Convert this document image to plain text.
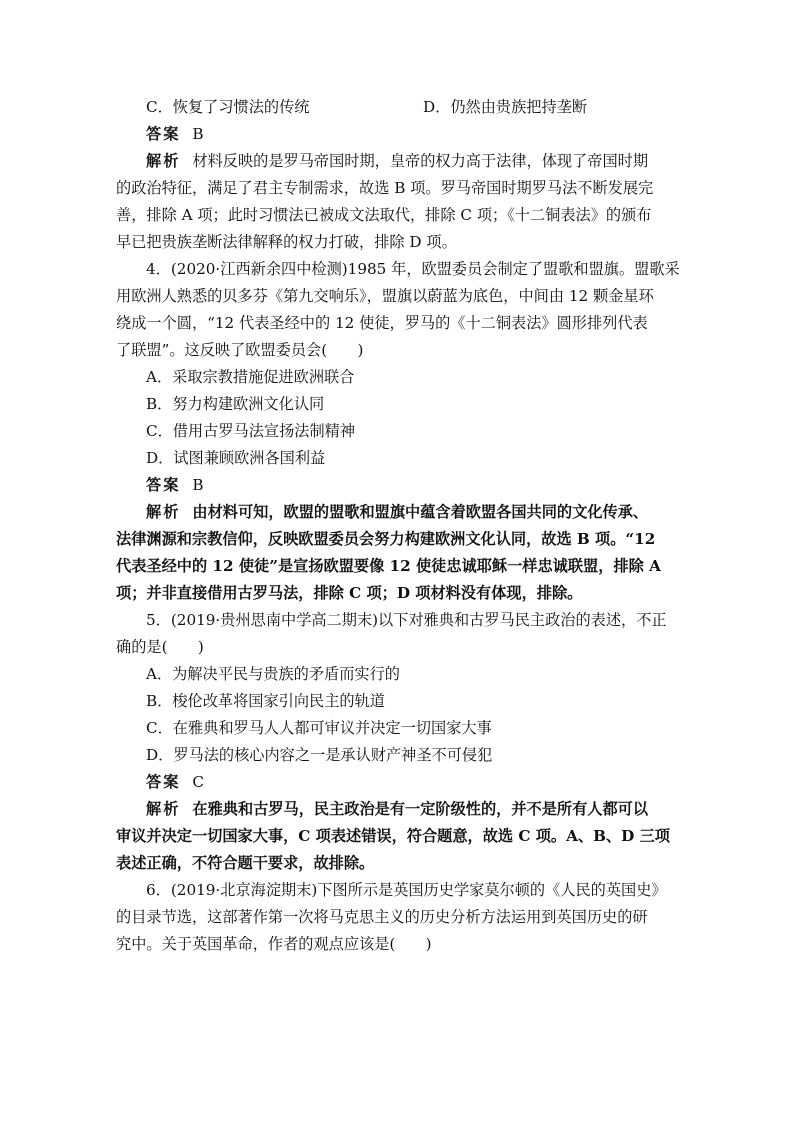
C．恢复了习惯法的传统	D．仍然由贵族把持垄断
答案 B
解析 材料反映的是罗马帝国时期，皇帝的权力高于法律，体现了帝国时期
的政治特征，满足了君主专制需求，故选 B 项。罗马帝国时期罗马法不断发展完
善，排除 A 项；此时习惯法已被成文法取代，排除 C 项；《十二铜表法》的颁布
早已把贵族垄断法律解释的权力打破，排除 D 项。
4．(2020·江西新余四中检测)1985 年，欧盟委员会制定了盟歌和盟旗。盟歌采
用欧洲人熟悉的贝多芬《第九交响乐》，盟旗以蔚蓝为底色，中间由 12 颗金星环
绕成一个圆，“12 代表圣经中的 12 使徒，罗马的《十二铜表法》圆形排列代表
了联盟”。这反映了欧盟委员会(　　)
A．采取宗教措施促进欧洲联合
B．努力构建欧洲文化认同
C．借用古罗马法宣扬法制精神
D．试图兼顾欧洲各国利益
答案 B
解析 由材料可知，欧盟的盟歌和盟旗中蕴含着欧盟各国共同的文化传承、
法律渊源和宗教信仰，反映欧盟委员会努力构建欧洲文化认同，故选 B 项。“12
代表圣经中的 12 使徒”是宣扬欧盟要像 12 使徒忠诚耶稣一样忠诚联盟，排除 A
项；并非直接借用古罗马法，排除 C 项；D 项材料没有体现，排除。
5．(2019·贵州思南中学高二期末)以下对雅典和古罗马民主政治的表述，不正
确的是(　　)
A．为解决平民与贵族的矛盾而实行的
B．梭伦改革将国家引向民主的轨道
C．在雅典和罗马人人都可审议并决定一切国家大事
D．罗马法的核心内容之一是承认财产神圣不可侵犯
答案 C
解析 在雅典和古罗马，民主政治是有一定阶级性的，并不是所有人都可以
审议并决定一切国家大事，C 项表述错误，符合题意，故选 C 项。A、B、D 三项
表述正确，不符合题干要求，故排除。
6．(2019·北京海淀期末)下图所示是英国历史学家莫尔顿的《人民的英国史》
的目录节选，这部著作第一次将马克思主义的历史分析方法运用到英国历史的研
究中。关于英国革命，作者的观点应该是(　　)
